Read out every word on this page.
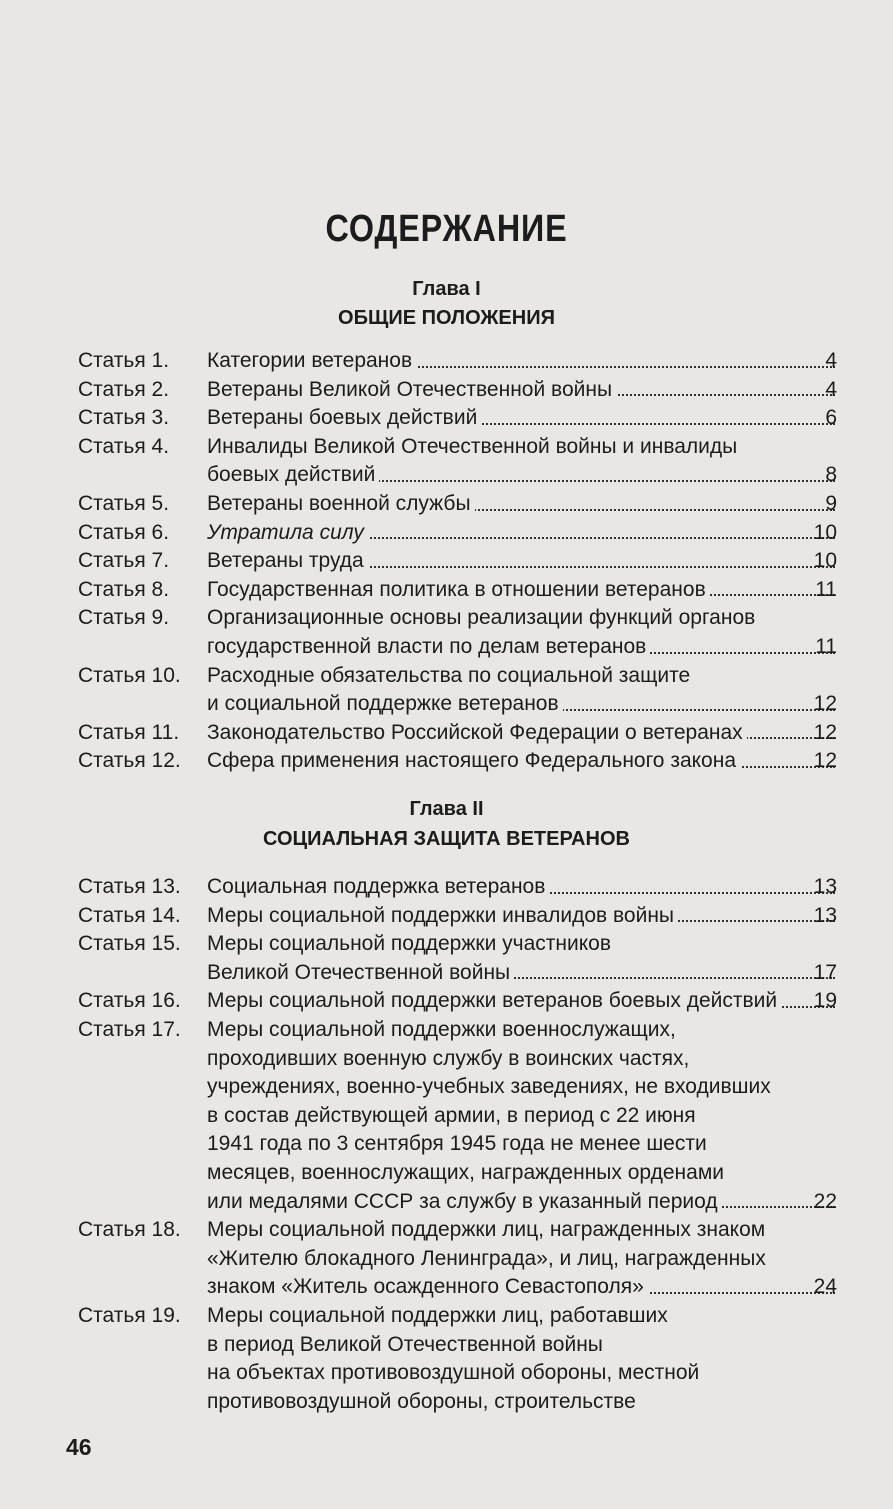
СОДЕРЖАНИЕ
Глава I
ОБЩИЕ ПОЛОЖЕНИЯ
Статья 1. Категории ветеранов	4
Статья 2. Ветераны Великой Отечественной войны	4
Статья 3. Ветераны боевых действий	6
Статья 4. Инвалиды Великой Отечественной войны и инвалиды
боевых действий	8
Статья 5. Ветераны военной службы	9
Статья 6. Утратила силу	10
Статья 7. Ветераны труда	10
Статья 8. Государственная политика в отношении ветеранов	11
Статья 9. Организационные основы реализации функций органов
государственной власти по делам ветеранов	11
Статья 10. Расходные обязательства по социальной защите
и социальной поддержке ветеранов	12
Статья 11. Законодательство Российской Федерации о ветеранах	12
Статья 12. Сфера применения настоящего Федерального закона	12
Глава II
СОЦИАЛЬНАЯ ЗАЩИТА ВЕТЕРАНОВ
Статья 13. Социальная поддержка ветеранов	13
Статья 14. Меры социальной поддержки инвалидов войны	13
Статья 15. Меры социальной поддержки участников
Великой Отечественной войны	17
Статья 16. Меры социальной поддержки ветеранов боевых действий	19
Статья 17. Меры социальной поддержки военнослужащих,
проходивших военную службу в воинских частях,
учреждениях, военно-учебных заведениях, не входивших
в состав действующей армии, в период с 22 июня
1941 года по 3 сентября 1945 года не менее шести
месяцев, военнослужащих, награжденных орденами
или медалями СССР за службу в указанный период	22
Статья 18. Меры социальной поддержки лиц, награжденных знаком
«Жителю блокадного Ленинграда», и лиц, награжденных
знаком «Житель осажденного Севастополя»	24
Статья 19. Меры социальной поддержки лиц, работавших
в период Великой Отечественной войны
на объектах противовоздушной обороны, местной
противовоздушной обороны, строительстве
46
